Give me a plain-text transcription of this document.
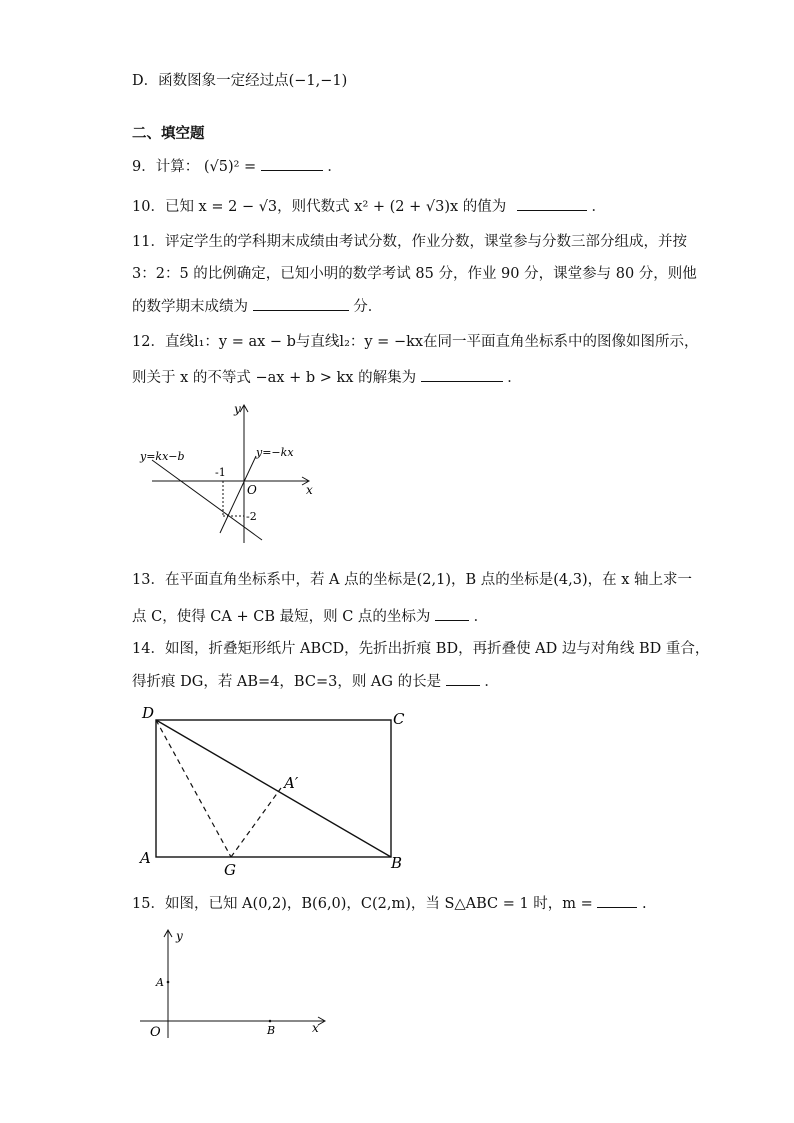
D．函数图象一定经过点(−1,−1)
二、填空题
9．计算： (√5)² =	．
10．已知 x = 2 − √3，则代数式 x² + (2 + √3)x 的值为	．
11．评定学生的学科期末成绩由考试分数，作业分数，课堂参与分数三部分组成，并按
3：2：5 的比例确定，已知小明的数学考试 85 分，作业 90 分，课堂参与 80 分，则他
的数学期末成绩为	分．
12．直线l₁：y = ax − b与直线l₂：y = −kx在同一平面直角坐标系中的图像如图所示，
则关于 x 的不等式 −ax + b > kx 的解集为	．
y=kx−b	y=−kx
x
y
O
-1
-2
13．在平面直角坐标系中，若 A 点的坐标是(2,1)，B 点的坐标是(4,3)，在 x 轴上求一
点 C，使得 CA + CB 最短，则 C 点的坐标为	．
14．如图，折叠矩形纸片 ABCD，先折出折痕 BD，再折叠使 AD 边与对角线 BD 重合，
得折痕 DG，若 AB=4，BC=3，则 AG 的长是	．
D	C
A	B
G
A′
15．如图，已知 A(0,2)，B(6,0)，C(2,m)，当 S△ABC = 1 时，m =	.
y
x
A
B
O
